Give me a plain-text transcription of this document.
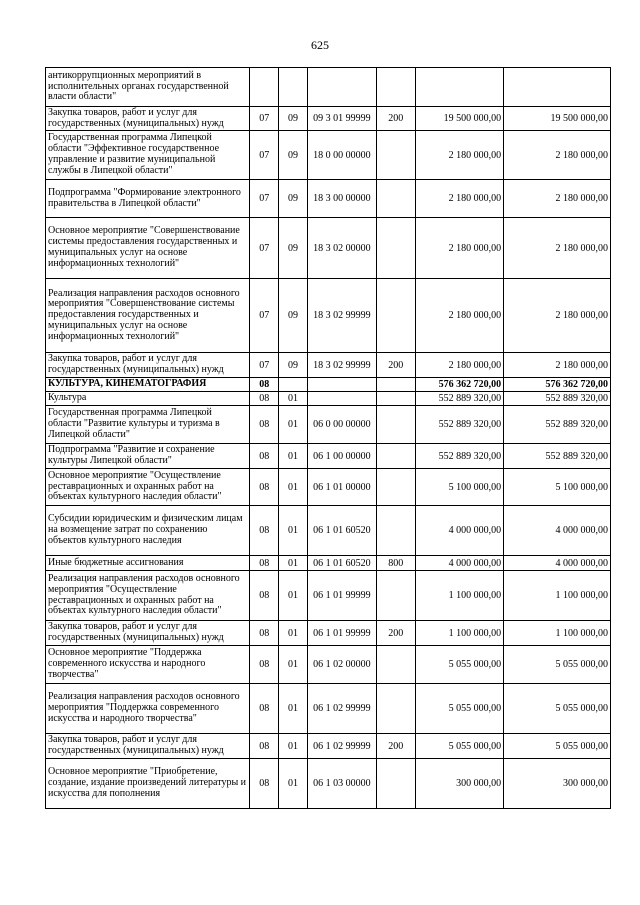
625
антикоррупционных мероприятий в исполнительных органах государственной власти области"						
Закупка товаров, работ и услуг для государственных (муниципальных) нужд	07	09	09 3 01 99999	200	19 500 000,00	19 500 000,00
Государственная программа Липецкой области "Эффективное государственное управление и развитие муниципальной службы в Липецкой области"	07	09	18 0 00 00000		2 180 000,00	2 180 000,00
Подпрограмма "Формирование электронного правительства в Липецкой области"	07	09	18 3 00 00000		2 180 000,00	2 180 000,00
Основное мероприятие "Совершенствование системы предоставления государственных и муниципальных услуг на основе информационных технологий"	07	09	18 3 02 00000		2 180 000,00	2 180 000,00
Реализация направления расходов основного мероприятия "Совершенствование системы предоставления государственных и муниципальных услуг на основе информационных технологий"	07	09	18 3 02 99999		2 180 000,00	2 180 000,00
Закупка товаров, работ и услуг для государственных (муниципальных) нужд	07	09	18 3 02 99999	200	2 180 000,00	2 180 000,00
КУЛЬТУРА, КИНЕМАТОГРАФИЯ	08				576 362 720,00	576 362 720,00
Культура	08	01			552 889 320,00	552 889 320,00
Государственная программа Липецкой области "Развитие культуры и туризма в Липецкой области"	08	01	06 0 00 00000		552 889 320,00	552 889 320,00
Подпрограмма "Развитие и сохранение культуры Липецкой области"	08	01	06 1 00 00000		552 889 320,00	552 889 320,00
Основное мероприятие "Осуществление реставрационных и охранных работ на объектах культурного наследия области"	08	01	06 1 01 00000		5 100 000,00	5 100 000,00
Субсидии юридическим и физическим лицам на возмещение затрат по сохранению объектов культурного наследия	08	01	06 1 01 60520		4 000 000,00	4 000 000,00
Иные бюджетные ассигнования	08	01	06 1 01 60520	800	4 000 000,00	4 000 000,00
Реализация направления расходов основного мероприятия "Осуществление реставрационных и охранных работ на объектах культурного наследия области"	08	01	06 1 01 99999		1 100 000,00	1 100 000,00
Закупка товаров, работ и услуг для государственных (муниципальных) нужд	08	01	06 1 01 99999	200	1 100 000,00	1 100 000,00
Основное мероприятие "Поддержка современного искусства и народного творчества"	08	01	06 1 02 00000		5 055 000,00	5 055 000,00
Реализация направления расходов основного мероприятия "Поддержка современного искусства и народного творчества"	08	01	06 1 02 99999		5 055 000,00	5 055 000,00
Закупка товаров, работ и услуг для государственных (муниципальных) нужд	08	01	06 1 02 99999	200	5 055 000,00	5 055 000,00
Основное мероприятие "Приобретение, создание, издание произведений литературы и искусства для пополнения	08	01	06 1 03 00000		300 000,00	300 000,00
